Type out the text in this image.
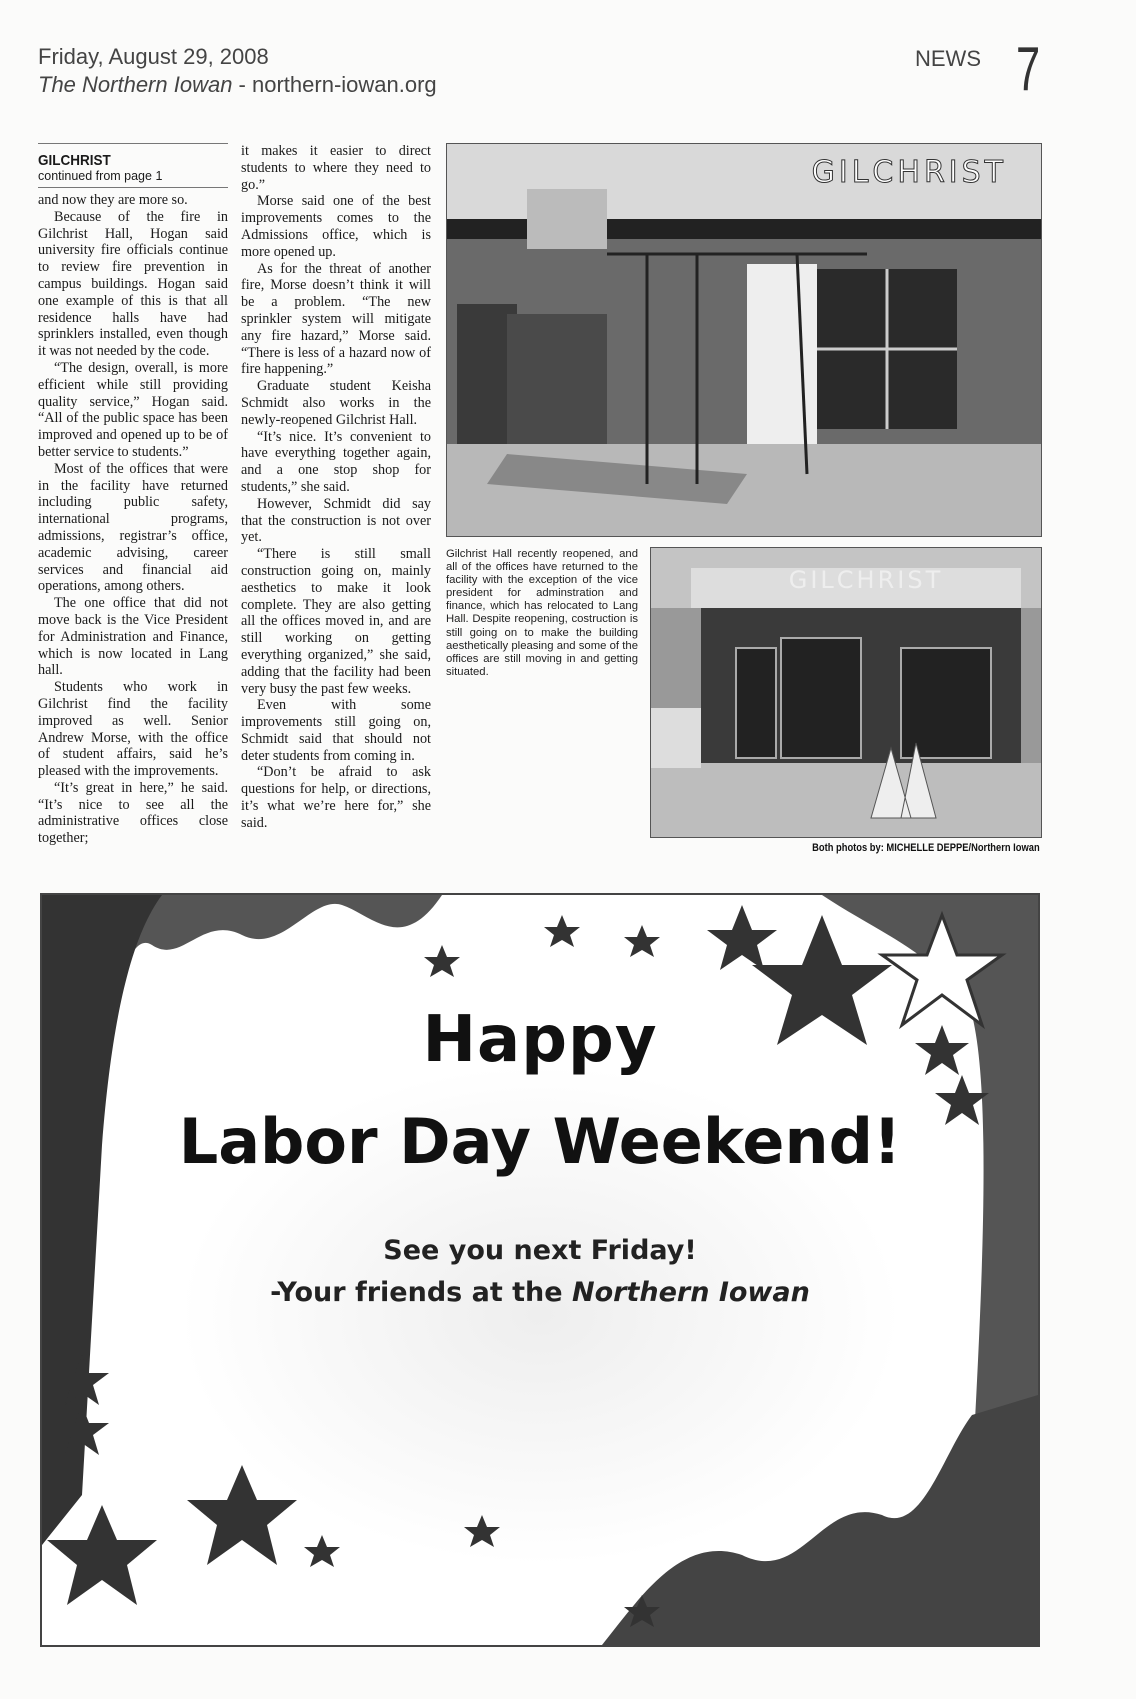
Friday, August 29, 2008
The Northern Iowan - northern-iowan.org
NEWS 7
GILCHRIST
continued from page 1

and now they are more so.

Because of the fire in Gilchrist Hall, Hogan said university fire officials continue to review fire prevention in campus buildings. Hogan said one example of this is that all residence halls have had sprinklers installed, even though it was not needed by the code.

“The design, overall, is more efficient while still providing quality service,” Hogan said. “All of the public space has been improved and opened up to be of better service to students.”

Most of the offices that were in the facility have returned including public safety, international programs, admissions, registrar’s office, academic advising, career services and financial aid operations, among others.

The one office that did not move back is the Vice President for Administration and Finance, which is now located in Lang hall.

Students who work in Gilchrist find the facility improved as well. Senior Andrew Morse, with the office of student affairs, said he’s pleased with the improvements.

“It’s great in here,” he said. “It’s nice to see all the administrative offices close together;

it makes it easier to direct students to where they need to go.”

Morse said one of the best improvements comes to the Admissions office, which is more opened up.

As for the threat of another fire, Morse doesn’t think it will be a problem. “The new sprinkler system will mitigate any fire hazard,” Morse said. “There is less of a hazard now of fire happening.”

Graduate student Keisha Schmidt also works in the newly-reopened Gilchrist Hall.

“It’s nice. It’s convenient to have everything together again, and a one stop shop for students,” she said.

However, Schmidt did say that the construction is not over yet.

“There is still small construction going on, mainly aesthetics to make it look complete. They are also getting all the offices moved in, and are still working on getting everything organized,” she said, adding that the facility had been very busy the past few weeks.

Even with some improvements still going on, Schmidt said that should not deter students from coming in.

“Don’t be afraid to ask questions for help, or directions, it’s what we’re here for,” she said.

GILCHRIST
Gilchrist Hall recently reopened, and all of the offices have returned to the facility with the exception of the vice president for adminstration and finance, which has relocated to Lang Hall. Despite reopening, costruction is still going on to make the building aesthetically pleasing and some of the offices are still moving in and getting situated.
GILCHRIST
Both photos by: MICHELLE DEPPE/Northern Iowan
Happy
Labor Day Weekend!
See you next Friday!
-Your friends at the Northern Iowan
